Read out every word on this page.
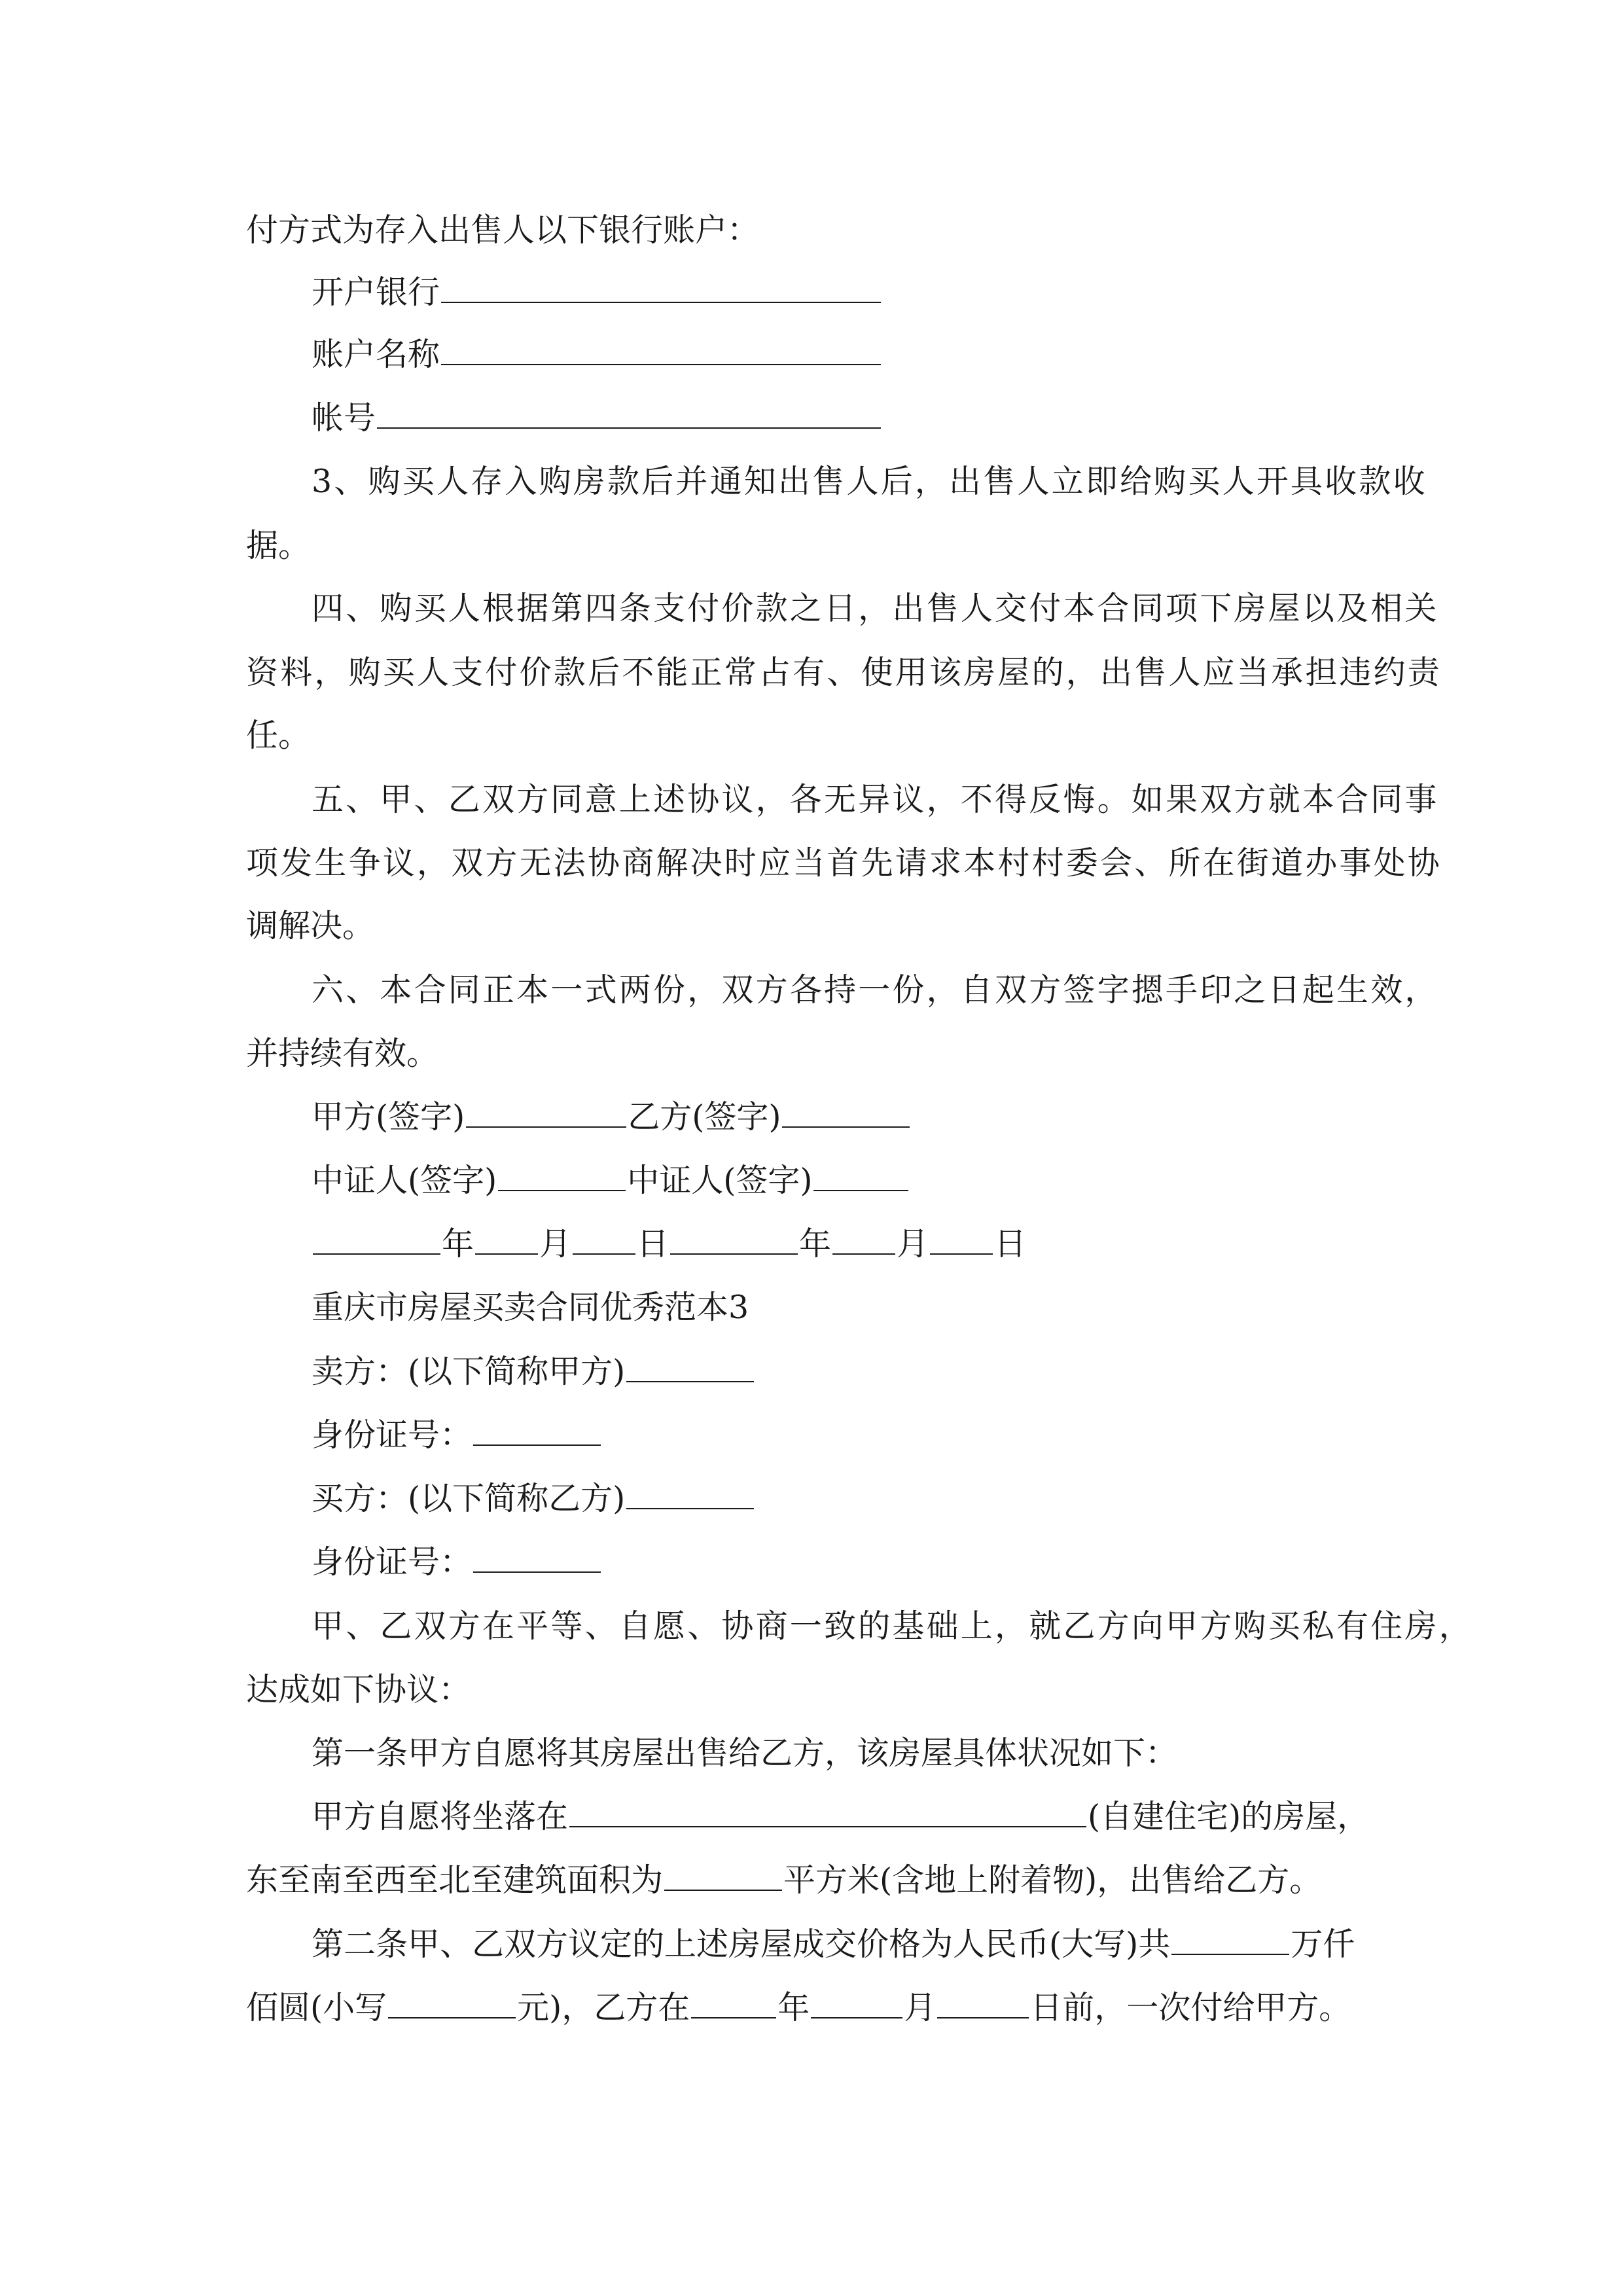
付方式为存入出售人以下银行账户：
开户银行
账户名称
帐号
3、购买人存入购房款后并通知出售人后，出售人立即给购买人开具收款收
据。
四、购买人根据第四条支付价款之日，出售人交付本合同项下房屋以及相关
资料，购买人支付价款后不能正常占有、使用该房屋的，出售人应当承担违约责
任。
五、甲、乙双方同意上述协议，各无异议，不得反悔。如果双方就本合同事
项发生争议，双方无法协商解决时应当首先请求本村村委会、所在街道办事处协
调解决。
六、本合同正本一式两份，双方各持一份，自双方签字摁手印之日起生效，
并持续有效。
甲方(签字)	乙方(签字)
中证人(签字)	中证人(签字)
年 月 日	年 月 日
重庆市房屋买卖合同优秀范本3
卖方：(以下简称甲方)
身份证号：
买方：(以下简称乙方)
身份证号：
甲、乙双方在平等、自愿、协商一致的基础上，就乙方向甲方购买私有住房，
达成如下协议：
第一条甲方自愿将其房屋出售给乙方，该房屋具体状况如下：
甲方自愿将坐落在	(自建住宅)的房屋，
东至南至西至北至建筑面积为	平方米(含地上附着物)，出售给乙方。
第二条甲、乙双方议定的上述房屋成交价格为人民币(大写)共	万仟
佰圆(小写	元)，乙方在	年	月	日前，一次付给甲方。
